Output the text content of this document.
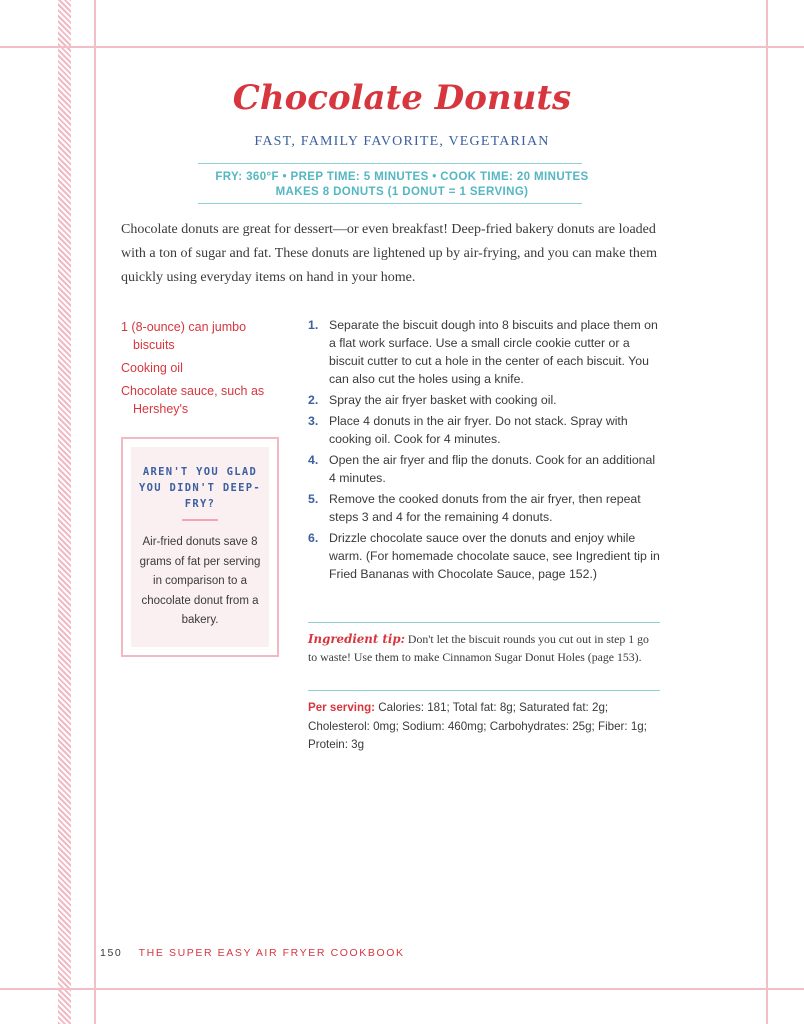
Chocolate Donuts
FAST, FAMILY FAVORITE, VEGETARIAN
FRY: 360°F • PREP TIME: 5 MINUTES • COOK TIME: 20 MINUTES
MAKES 8 DONUTS (1 DONUT = 1 SERVING)
Chocolate donuts are great for dessert—or even breakfast! Deep-fried bakery donuts are loaded with a ton of sugar and fat. These donuts are lightened up by air-frying, and you can make them quickly using everyday items on hand in your home.
1 (8-ounce) can jumbo biscuits
Cooking oil
Chocolate sauce, such as Hershey's
AREN'T YOU GLAD YOU DIDN'T DEEP-FRY?
Air-fried donuts save 8 grams of fat per serving in comparison to a chocolate donut from a bakery.
1. Separate the biscuit dough into 8 biscuits and place them on a flat work surface. Use a small circle cookie cutter or a biscuit cutter to cut a hole in the center of each biscuit. You can also cut the holes using a knife.
2. Spray the air fryer basket with cooking oil.
3. Place 4 donuts in the air fryer. Do not stack. Spray with cooking oil. Cook for 4 minutes.
4. Open the air fryer and flip the donuts. Cook for an additional 4 minutes.
5. Remove the cooked donuts from the air fryer, then repeat steps 3 and 4 for the remaining 4 donuts.
6. Drizzle chocolate sauce over the donuts and enjoy while warm. (For homemade chocolate sauce, see Ingredient tip in Fried Bananas with Chocolate Sauce, page 152.)
Ingredient tip: Don't let the biscuit rounds you cut out in step 1 go to waste! Use them to make Cinnamon Sugar Donut Holes (page 153).
Per serving: Calories: 181; Total fat: 8g; Saturated fat: 2g; Cholesterol: 0mg; Sodium: 460mg; Carbohydrates: 25g; Fiber: 1g; Protein: 3g
150 THE SUPER EASY AIR FRYER COOKBOOK
